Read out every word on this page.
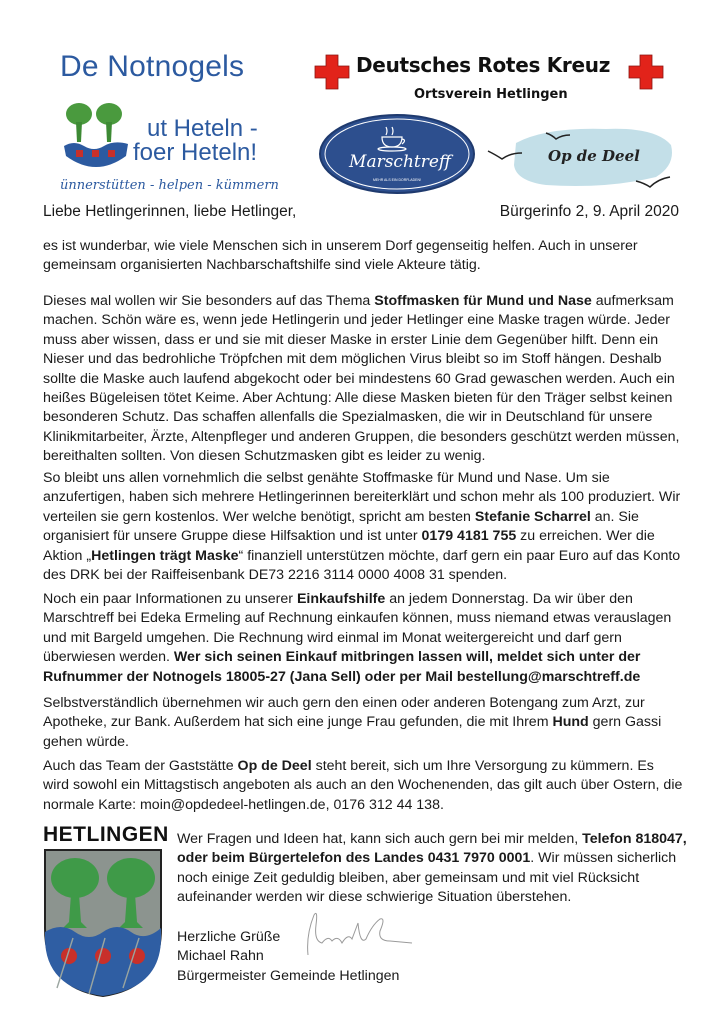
De Notnogels
ut Heteln -
foer Heteln!
ünnerstütten - helpen - kümmern
Deutsches Rotes Kreuz
Ortsverein Hetlingen
MEHR ALS EIN DORFLADEN!
Marschtreff	Op de Deel
Liebe Hetlingerinnen, liebe Hetlinger,	Bürgerinfo 2, 9. April 2020
es ist wunderbar, wie viele Menschen sich in unserem Dorf gegenseitig helfen. Auch in unserer gemeinsam organisierten Nachbarschaftshilfe sind viele Akteure tätig.
Dieses мal wollen wir Sie besonders auf das Thema Stoffmasken für Mund und Nase aufmerksam machen. Schön wäre es, wenn jede Hetlingerin und jeder Hetlinger eine Maske tragen würde. Jeder muss aber wissen, dass er und sie mit dieser Maske in erster Linie dem Gegenüber hilft. Denn ein Nieser und das bedrohliche Tröpfchen mit dem möglichen Virus bleibt so im Stoff hängen. Deshalb sollte die Maske auch laufend abgekocht oder bei mindestens 60 Grad gewaschen werden. Auch ein heißes Bügeleisen tötet Keime. Aber Achtung: Alle diese Masken bieten für den Träger selbst keinen besonderen Schutz. Das schaffen allenfalls die Spezialmasken, die wir in Deutschland für unsere Klinikmitarbeiter, Ärzte, Altenpfleger und anderen Gruppen, die besonders geschützt werden müssen, bereithalten sollten. Von diesen Schutzmasken gibt es leider zu wenig.
So bleibt uns allen vornehmlich die selbst genähte Stoffmaske für Mund und Nase. Um sie anzufertigen, haben sich mehrere Hetlingerinnen bereiterklärt und schon mehr als 100 produziert. Wir verteilen sie gern kostenlos. Wer welche benötigt, spricht am besten Stefanie Scharrel an. Sie organisiert für unsere Gruppe diese Hilfsaktion und ist unter 0179 4181 755 zu erreichen. Wer die Aktion „Hetlingen trägt Maske“ finanziell unterstützen möchte, darf gern ein paar Euro auf das Konto des DRK bei der Raiffeisenbank DE73 2216 3114 0000 4008 31 spenden.
Noch ein paar Informationen zu unserer Einkaufshilfe an jedem Donnerstag. Da wir über den Marschtreff bei Edeka Ermeling auf Rechnung einkaufen können, muss niemand etwas verauslagen und mit Bargeld umgehen. Die Rechnung wird einmal im Monat weitergereicht und darf gern überwiesen werden. Wer sich seinen Einkauf mitbringen lassen will, meldet sich unter der Rufnummer der Notnogels 18005-27 (Jana Sell) oder per Mail bestellung@marschtreff.de
Selbstverständlich übernehmen wir auch gern den einen oder anderen Botengang zum Arzt, zur Apotheke, zur Bank. Außerdem hat sich eine junge Frau gefunden, die mit Ihrem Hund gern Gassi gehen würde.
Auch das Team der Gaststätte Op de Deel steht bereit, sich um Ihre Versorgung zu kümmern. Es wird sowohl ein Mittagstisch angeboten als auch an den Wochenenden, das gilt auch über Ostern, die normale Karte: moin@opdedeel-hetlingen.de, 0176 312 44 138.
HETLINGEN Wer Fragen und Ideen hat, kann sich auch gern bei mir melden, Telefon 818047, oder beim Bürgertelefon des Landes 0431 7970 0001. Wir müssen sicherlich noch einige Zeit geduldig bleiben, aber gemeinsam und mit viel Rücksicht aufeinander werden wir diese schwierige Situation überstehen.
Herzliche Grüße
Michael Rahn
Bürgermeister Gemeinde Hetlingen
